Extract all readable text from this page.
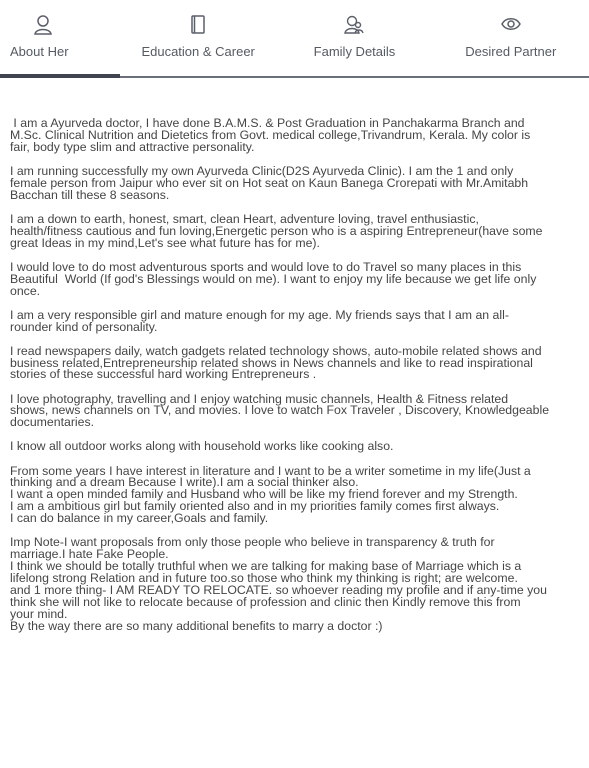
About Her	Education & Career	Family Details	Desired Partner

I am a Ayurveda doctor, I have done B.A.M.S. & Post Graduation in Panchakarma Branch and
M.Sc. Clinical Nutrition and Dietetics from Govt. medical college,Trivandrum, Kerala. My color is
fair, body type slim and attractive personality.

I am running successfully my own Ayurveda Clinic(D2S Ayurveda Clinic). I am the 1 and only
female person from Jaipur who ever sit on Hot seat on Kaun Banega Crorepati with Mr.Amitabh
Bacchan till these 8 seasons.

I am a down to earth, honest, smart, clean Heart, adventure loving, travel enthusiastic,
health/fitness cautious and fun loving,Energetic person who is a aspiring Entrepreneur(have some
great Ideas in my mind,Let's see what future has for me).

I would love to do most adventurous sports and would love to do Travel so many places in this
Beautiful  World (If god's Blessings would on me). I want to enjoy my life because we get life only
once.

I am a very responsible girl and mature enough for my age. My friends says that I am an all-
rounder kind of personality.

I read newspapers daily, watch gadgets related technology shows, auto-mobile related shows and
business related,Entrepreneurship related shows in News channels and like to read inspirational
stories of these successful hard working Entrepreneurs .

I love photography, travelling and I enjoy watching music channels, Health & Fitness related
shows, news channels on TV, and movies. I love to watch Fox Traveler , Discovery, Knowledgeable
documentaries.

I know all outdoor works along with household works like cooking also.

From some years I have interest in literature and I want to be a writer sometime in my life(Just a
thinking and a dream Because I write).I am a social thinker also.
I want a open minded family and Husband who will be like my friend forever and my Strength.
I am a ambitious girl but family oriented also and in my priorities family comes first always.
I can do balance in my career,Goals and family.

Imp Note-I want proposals from only those people who believe in transparency & truth for
marriage.I hate Fake People.
I think we should be totally truthful when we are talking for making base of Marriage which is a
lifelong strong Relation and in future too.so those who think my thinking is right; are welcome.
and 1 more thing- I AM READY TO RELOCATE. so whoever reading my profile and if any-time you
think she will not like to relocate because of profession and clinic then Kindly remove this from
your mind.
By the way there are so many additional benefits to marry a doctor :)
